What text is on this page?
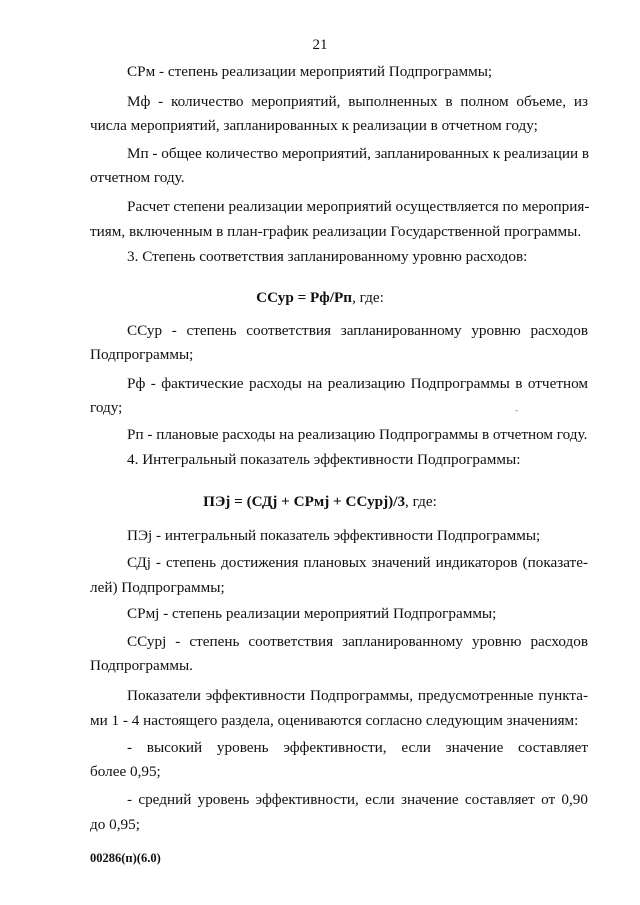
21
СРм - степень реализации мероприятий Подпрограммы;
Мф - количество мероприятий, выполненных в полном объеме, из
числа мероприятий, запланированных к реализации в отчетном году;
Мп - общее количество мероприятий, запланированных к реализации в
отчетном году.
Расчет степени реализации мероприятий осуществляется по мероприя-
тиям, включенным в план-график реализации Государственной программы.
3. Степень соответствия запланированному уровню расходов:
ССур = Рф/Рп, где:
ССур - степень соответствия запланированному уровню расходов
Подпрограммы;
Рф - фактические расходы на реализацию Подпрограммы в отчетном
году;
Рп - плановые расходы на реализацию Подпрограммы в отчетном году.
4. Интегральный показатель эффективности Подпрограммы:
ПЭj = (СДj + СРмj + ССурj)/3, где:
ПЭj - интегральный показатель эффективности Подпрограммы;
СДj - степень достижения плановых значений индикаторов (показате-
лей) Подпрограммы;
СРмj - степень реализации мероприятий Подпрограммы;
ССурj - степень соответствия запланированному уровню расходов
Подпрограммы.
Показатели эффективности Подпрограммы, предусмотренные пункта-
ми 1 - 4 настоящего раздела, оцениваются согласно следующим значениям:
- высокий уровень эффективности, если значение составляет
более 0,95;
- средний уровень эффективности, если значение составляет от 0,90
до 0,95;
-
00286(п)(6.0)
